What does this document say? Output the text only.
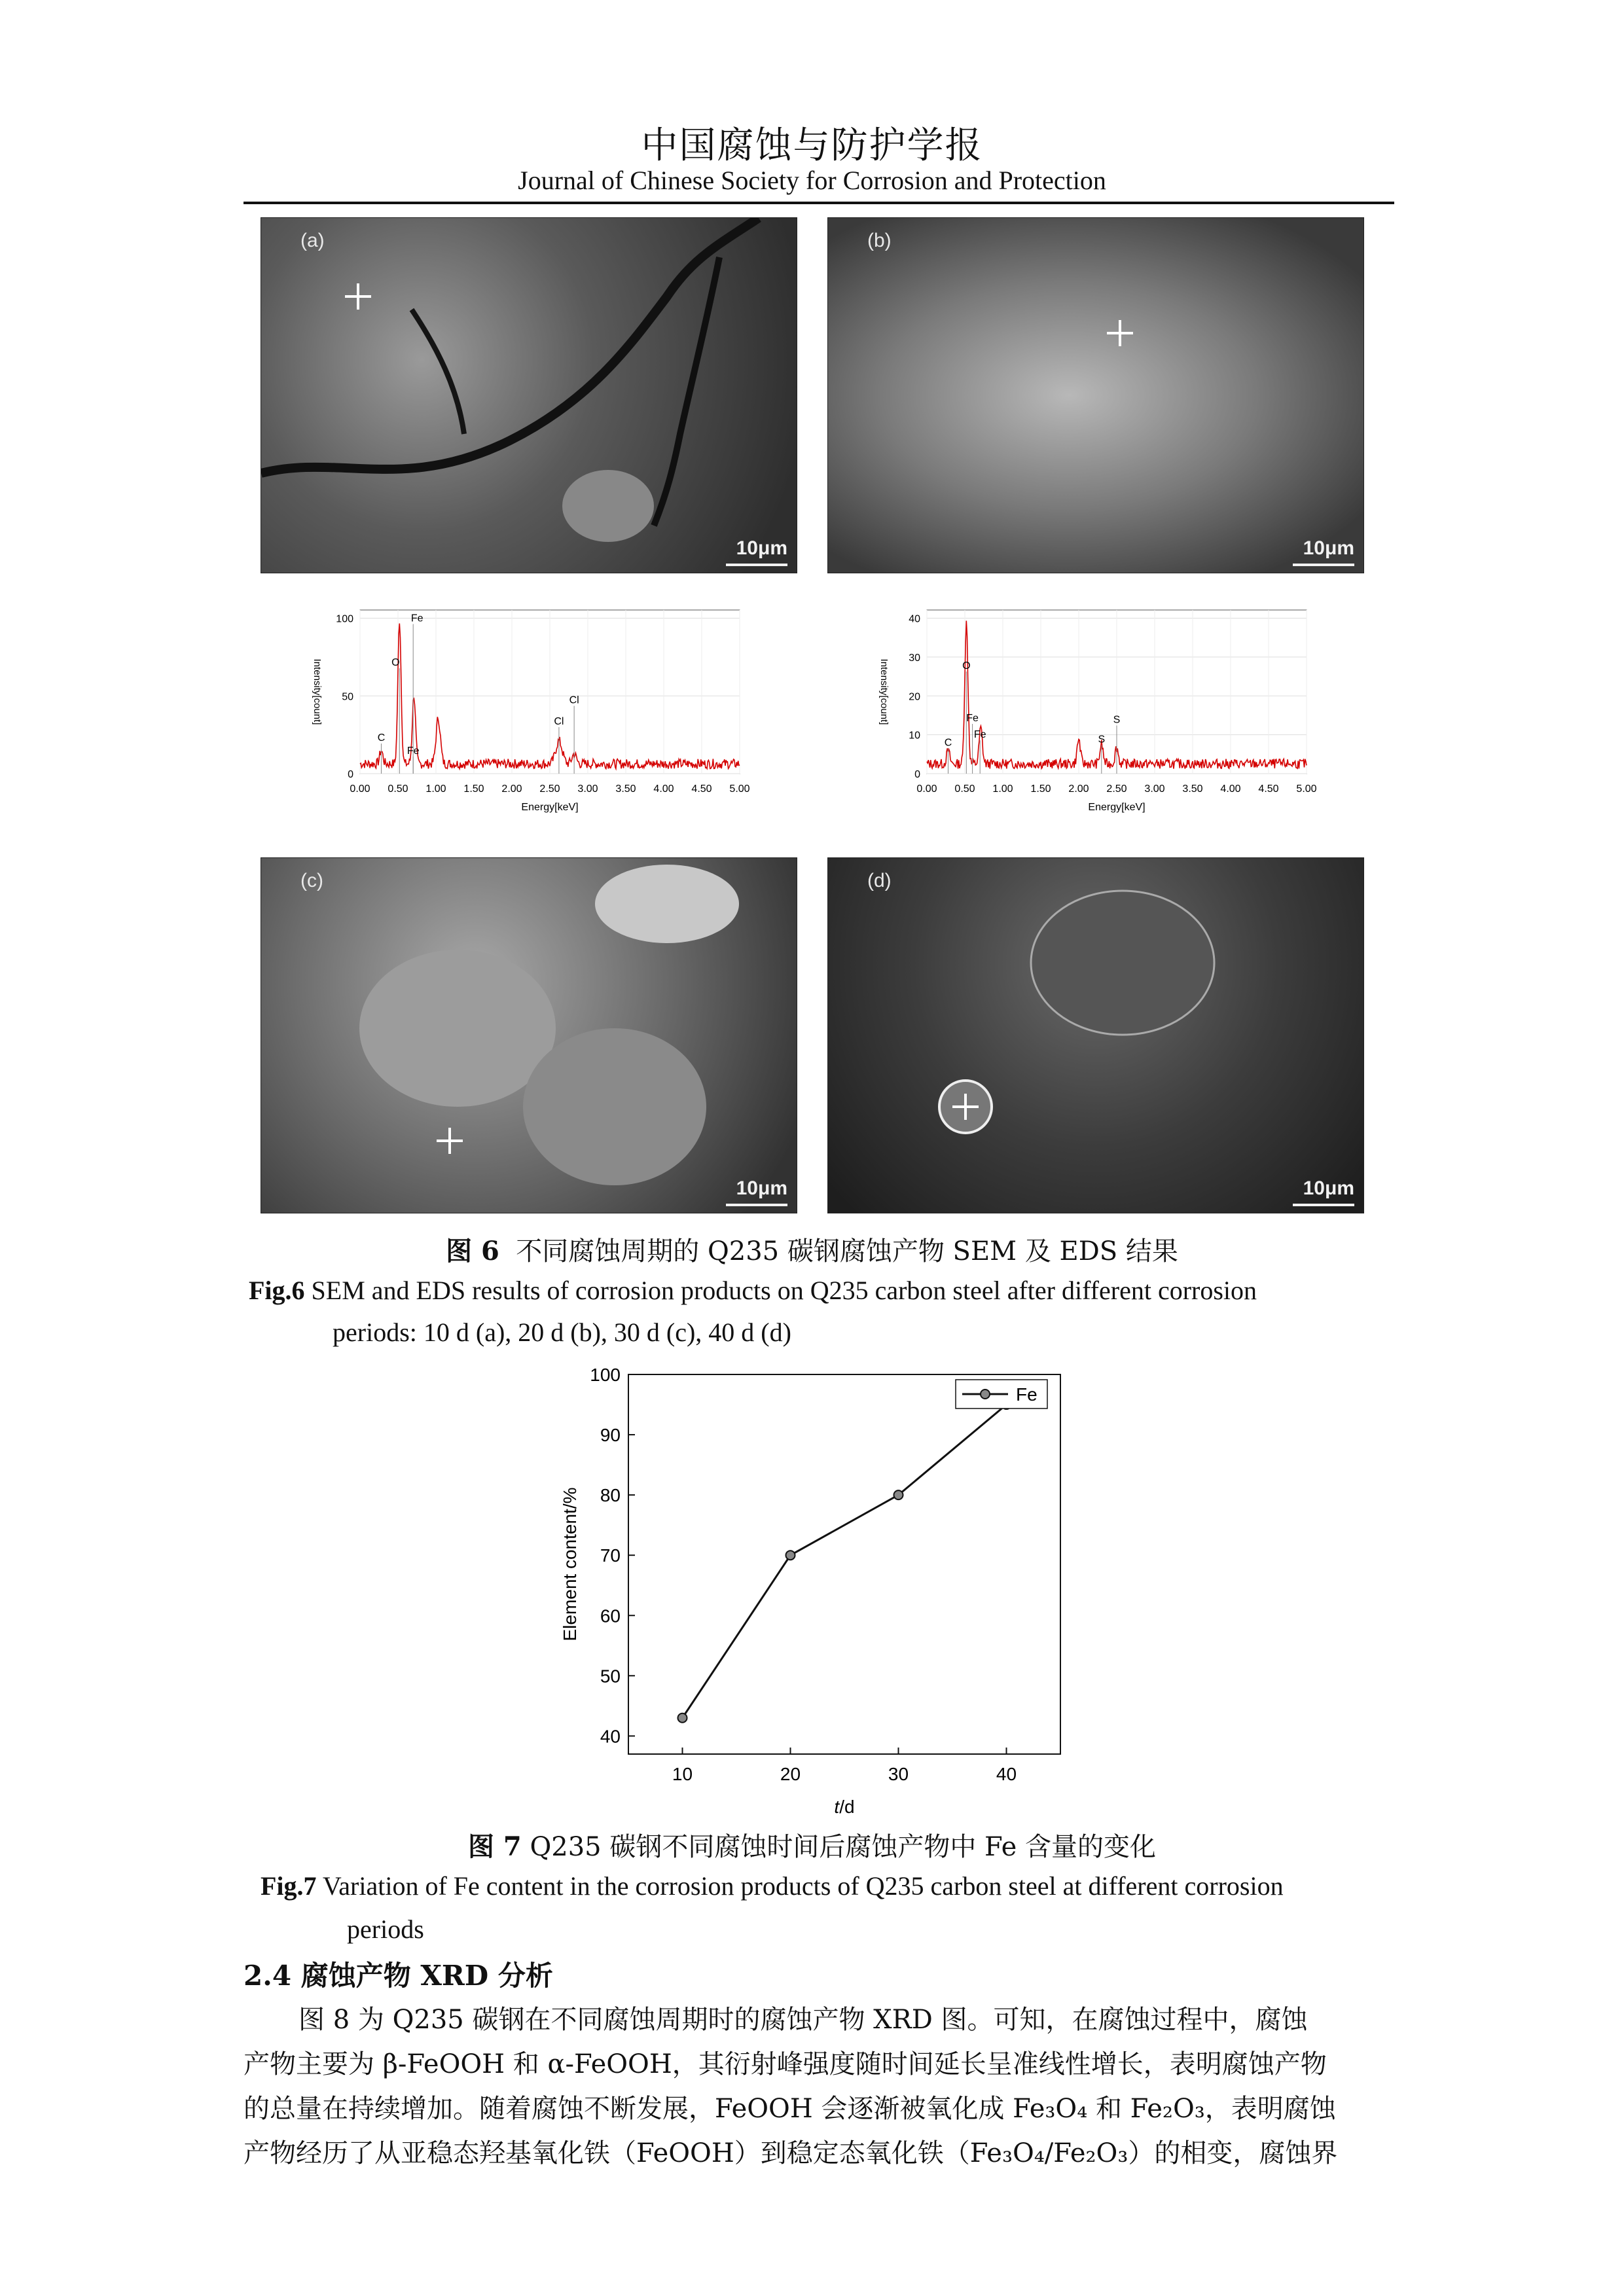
中国腐蚀与防护学报
Journal of Chinese Society for Corrosion and Protection
(a)
10μm
(b)
10μm
0
50
100
0.00 0.50 1.00 1.50 2.00 2.50 3.00 3.50 4.00 4.50 5.00
Energy[keV]
Intensity[count]
C
O
Fe
Fe
Cl
Cl
0
10
20
30
40
0.00 0.50 1.00 1.50 2.00 2.50 3.00 3.50 4.00 4.50 5.00
Energy[keV]
Intensity[count]
C
O
Fe
Fe	S
S
(c)
10μm
(d)
10μm
图 6 不同腐蚀周期的 Q235 碳钢腐蚀产物 SEM 及 EDS 结果
Fig.6 SEM and EDS results of corrosion products on Q235 carbon steel after different corrosion
periods: 10 d (a), 20 d (b), 30 d (c), 40 d (d)
40
50
60
70
80
90
100
10	20	30	40
t/d
Element content/%
Fe
图 7 Q235 碳钢不同腐蚀时间后腐蚀产物中 Fe 含量的变化
Fig.7 Variation of Fe content in the corrosion products of Q235 carbon steel at different corrosion
periods
2.4 腐蚀产物 XRD 分析

图 8 为 Q235 碳钢在不同腐蚀周期时的腐蚀产物 XRD 图。可知，在腐蚀过程中，腐蚀

产物主要为 β-FeOOH 和 α-FeOOH，其衍射峰强度随时间延长呈准线性增长，表明腐蚀产物

的总量在持续增加。随着腐蚀不断发展，FeOOH 会逐渐被氧化成 Fe₃O₄ 和 Fe₂O₃，表明腐蚀

产物经历了从亚稳态羟基氧化铁（FeOOH）到稳定态氧化铁（Fe₃O₄/Fe₂O₃）的相变，腐蚀界
